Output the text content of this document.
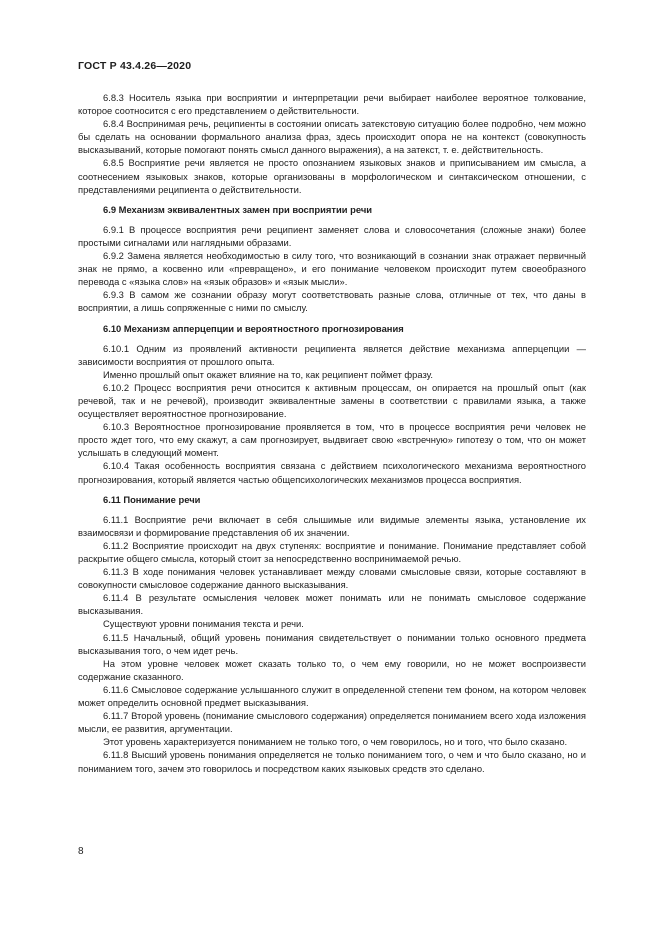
ГОСТ Р 43.4.26—2020

6.8.3 Носитель языка при восприятии и интерпретации речи выбирает наиболее вероятное толкование, которое соотносится с его представлением о действительности.

6.8.4 Воспринимая речь, реципиенты в состоянии описать затекстовую ситуацию более подробно, чем можно бы сделать на основании формального анализа фраз, здесь происходит опора не на контекст (совокупность высказываний, которые помогают понять смысл данного выражения), а на затекст, т. е. действительность.

6.8.5 Восприятие речи является не просто опознанием языковых знаков и приписыванием им смысла, а соотнесением языковых знаков, которые организованы в морфологическом и синтаксическом отношении, с представлениями реципиента о действительности.

6.9 Механизм эквивалентных замен при восприятии речи

6.9.1 В процессе восприятия речи реципиент заменяет слова и словосочетания (сложные знаки) более простыми сигналами или наглядными образами.

6.9.2 Замена является необходимостью в силу того, что возникающий в сознании знак отражает первичный знак не прямо, а косвенно или «превращено», и его понимание человеком происходит путем своеобразного перевода с «языка слов» на «язык образов» и «язык мысли».

6.9.3 В самом же сознании образу могут соответствовать разные слова, отличные от тех, что даны в восприятии, а лишь сопряженные с ними по смыслу.

6.10 Механизм апперцепции и вероятностного прогнозирования

6.10.1 Одним из проявлений активности реципиента является действие механизма апперцепции — зависимости восприятия от прошлого опыта.

Именно прошлый опыт окажет влияние на то, как реципиент поймет фразу.

6.10.2 Процесс восприятия речи относится к активным процессам, он опирается на прошлый опыт (как речевой, так и не речевой), производит эквивалентные замены в соответствии с правилами языка, а также осуществляет вероятностное прогнозирование.

6.10.3 Вероятностное прогнозирование проявляется в том, что в процессе восприятия речи человек не просто ждет того, что ему скажут, а сам прогнозирует, выдвигает свою «встречную» гипотезу о том, что он может услышать в следующий момент.

6.10.4 Такая особенность восприятия связана с действием психологического механизма вероятностного прогнозирования, который является частью общепсихологических механизмов процесса восприятия.

6.11 Понимание речи

6.11.1 Восприятие речи включает в себя слышимые или видимые элементы языка, установление их взаимосвязи и формирование представления об их значении.

6.11.2 Восприятие происходит на двух ступенях: восприятие и понимание. Понимание представляет собой раскрытие общего смысла, который стоит за непосредственно воспринимаемой речью.

6.11.3 В ходе понимания человек устанавливает между словами смысловые связи, которые составляют в совокупности смысловое содержание данного высказывания.

6.11.4 В результате осмысления человек может понимать или не понимать смысловое содержание высказывания.

Существуют уровни понимания текста и речи.

6.11.5 Начальный, общий уровень понимания свидетельствует о понимании только основного предмета высказывания того, о чем идет речь.

На этом уровне человек может сказать только то, о чем ему говорили, но не может воспроизвести содержание сказанного.

6.11.6 Смысловое содержание услышанного служит в определенной степени тем фоном, на котором человек может определить основной предмет высказывания.

6.11.7 Второй уровень (понимание смыслового содержания) определяется пониманием всего хода изложения мысли, ее развития, аргументации.

Этот уровень характеризуется пониманием не только того, о чем говорилось, но и того, что было сказано.

6.11.8 Высший уровень понимания определяется не только пониманием того, о чем и что было сказано, но и пониманием того, зачем это говорилось и посредством каких языковых средств это сделано.

8
